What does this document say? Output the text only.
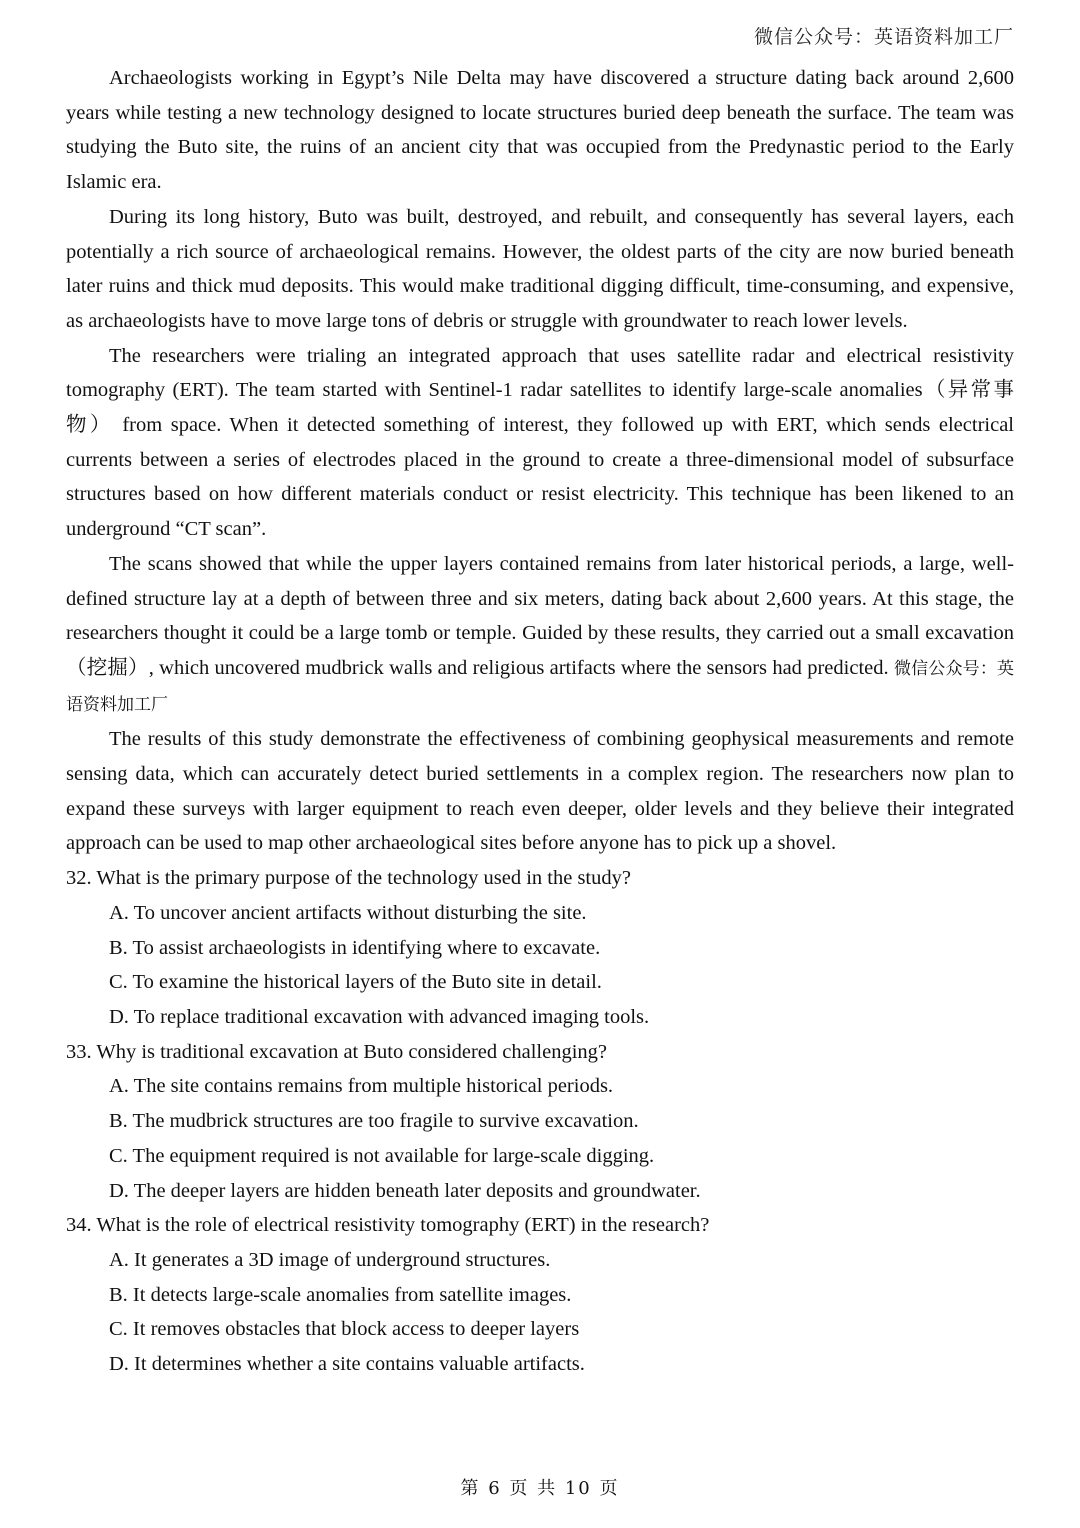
微信公众号：英语资料加工厂

Archaeologists working in Egypt’s Nile Delta may have discovered a structure dating back around 2,600 years while testing a new technology designed to locate structures buried deep beneath the surface. The team was studying the Buto site, the ruins of an ancient city that was occupied from the Predynastic period to the Early Islamic era.

During its long history, Buto was built, destroyed, and rebuilt, and consequently has several layers, each potentially a rich source of archaeological remains. However, the oldest parts of the city are now buried beneath later ruins and thick mud deposits. This would make traditional digging difficult, time-consuming, and expensive, as archaeologists have to move large tons of debris or struggle with groundwater to reach lower levels.

The researchers were trialing an integrated approach that uses satellite radar and electrical resistivity tomography (ERT). The team started with Sentinel-1 radar satellites to identify large-scale anomalies（异常事物） from space. When it detected something of interest, they followed up with ERT, which sends electrical currents between a series of electrodes placed in the ground to create a three-dimensional model of subsurface structures based on how different materials conduct or resist electricity. This technique has been likened to an underground “CT scan”.

The scans showed that while the upper layers contained remains from later historical periods, a large, well-defined structure lay at a depth of between three and six meters, dating back about 2,600 years. At this stage, the researchers thought it could be a large tomb or temple. Guided by these results, they carried out a small excavation（挖掘）, which uncovered mudbrick walls and religious artifacts where the sensors had predicted. 微信公众号：英语资料加工厂

The results of this study demonstrate the effectiveness of combining geophysical measurements and remote sensing data, which can accurately detect buried settlements in a complex region. The researchers now plan to expand these surveys with larger equipment to reach even deeper, older levels and they believe their integrated approach can be used to map other archaeological sites before anyone has to pick up a shovel.

32. What is the primary purpose of the technology used in the study?

A. To uncover ancient artifacts without disturbing the site.

B. To assist archaeologists in identifying where to excavate.

C. To examine the historical layers of the Buto site in detail.

D. To replace traditional excavation with advanced imaging tools.

33. Why is traditional excavation at Buto considered challenging?

A. The site contains remains from multiple historical periods.

B. The mudbrick structures are too fragile to survive excavation.

C. The equipment required is not available for large-scale digging.

D. The deeper layers are hidden beneath later deposits and groundwater.

34. What is the role of electrical resistivity tomography (ERT) in the research?

A. It generates a 3D image of underground structures.

B. It detects large-scale anomalies from satellite images.

C. It removes obstacles that block access to deeper layers

D. It determines whether a site contains valuable artifacts.

第 6 页 共 10 页
